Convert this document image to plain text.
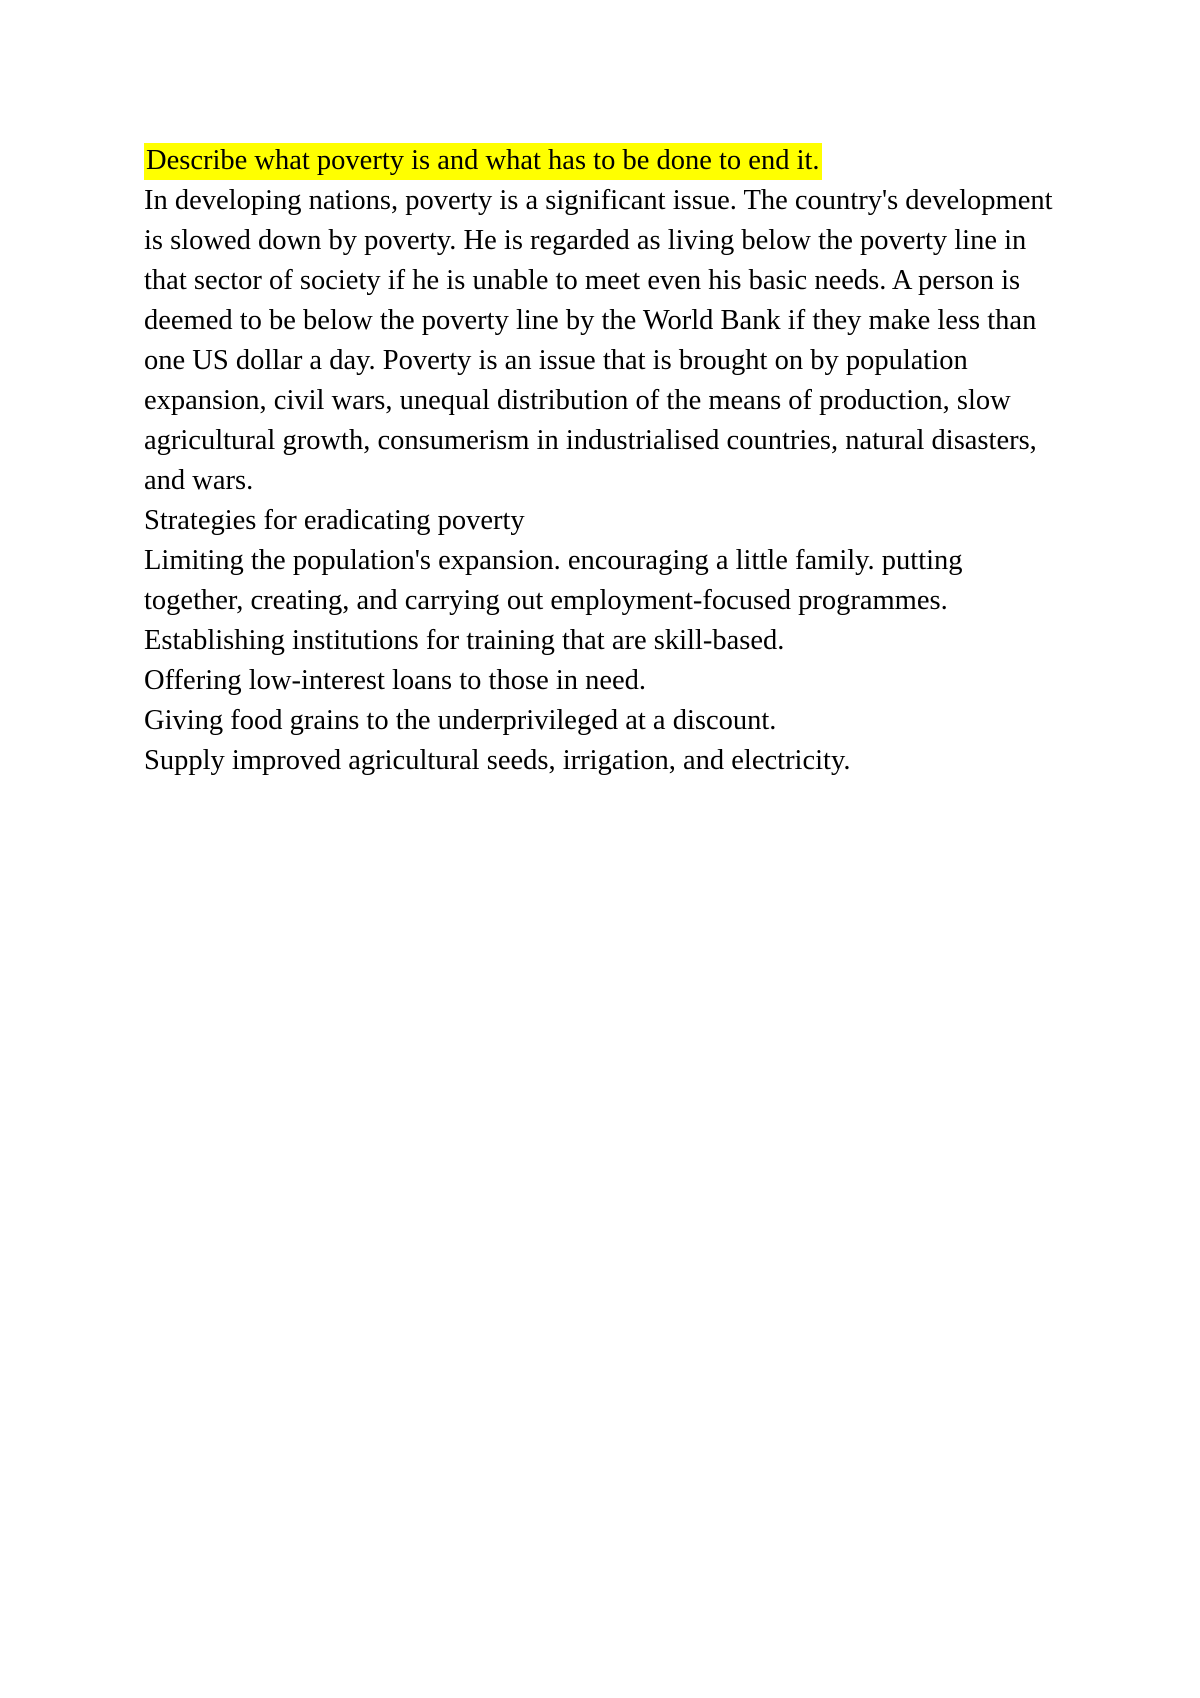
Describe what poverty is and what has to be done to end it.

In developing nations, poverty is a significant issue. The country's development is slowed down by poverty. He is regarded as living below the poverty line in that sector of society if he is unable to meet even his basic needs. A person is deemed to be below the poverty line by the World Bank if they make less than one US dollar a day. Poverty is an issue that is brought on by population expansion, civil wars, unequal distribution of the means of production, slow agricultural growth, consumerism in industrialised countries, natural disasters, and wars.

Strategies for eradicating poverty

Limiting the population's expansion. encouraging a little family. putting together, creating, and carrying out employment-focused programmes.

Establishing institutions for training that are skill-based.

Offering low-interest loans to those in need.

Giving food grains to the underprivileged at a discount.

Supply improved agricultural seeds, irrigation, and electricity.
